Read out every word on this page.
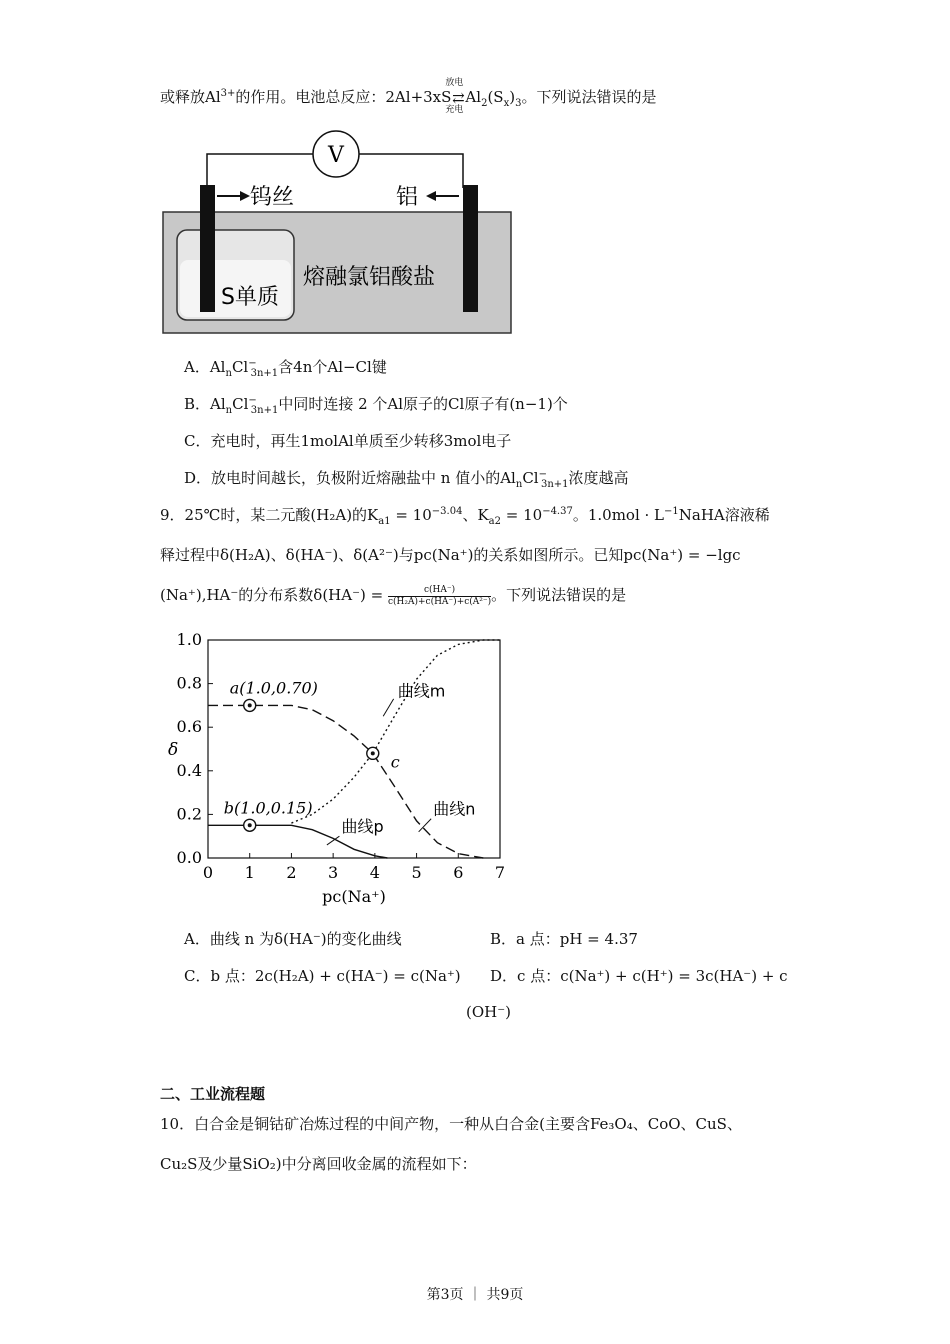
或释放$Al^{3+}$的作用。电池总反应：2Al+3xS
放电
⇄
充电
$Al_2(S_x)_3$。下列说法错误的是
V
钨丝	铝
S单质
熔融氯铝酸盐
A．$Al_nCl^-_{3n+1}$含4n个Al−Cl键
B．$Al_nCl^-_{3n+1}$中同时连接 2 个Al原子的Cl原子有(n−1)个
C．充电时，再生1molAl单质至少转移3mol电子
D．放电时间越长，负极附近熔融盐中 n 值小的$Al_nCl^-_{3n+1}$浓度越高
9．25℃时，某二元酸(H₂A)的$K_{a1} = 10^{-3.04}$、$K_{a2} = 10^{-4.37}$。$1.0mol \cdot L^{-1}NaHA$溶液稀
释过程中δ(H₂A)、δ(HA⁻)、δ(A²⁻)与pc(Na⁺)的关系如图所示。已知pc(Na⁺) = −lgc
(Na⁺),HA⁻的分布系数$\delta(HA^-) = \frac{c(HA^-)}{\text{c(H₂A)+c(HA⁻)+c(A²⁻)}}$ 。下列说法错误的是
0 1 2 3 4 5 6 7
0.0
0.2
0.4
0.6
0.8
1.0
pc(Na⁺)
δ
a(1.0,0.70)
b(1.0,0.15)
c
曲线m
曲线n
曲线p
A．曲线 n 为δ(HA⁻)的变化曲线	B．a 点：pH = 4.37
C．b 点：2c(H₂A) + c(HA⁻) = c(Na⁺) D．c 点：c(Na⁺) + c(H⁺) = 3c(HA⁻) + c
(OH⁻)
二、工业流程题
10．白合金是铜钴矿冶炼过程的中间产物，一种从白合金(主要含Fe₃O₄、CoO、CuS、
Cu₂S及少量SiO₂)中分离回收金属的流程如下：
第3页 ｜ 共9页
